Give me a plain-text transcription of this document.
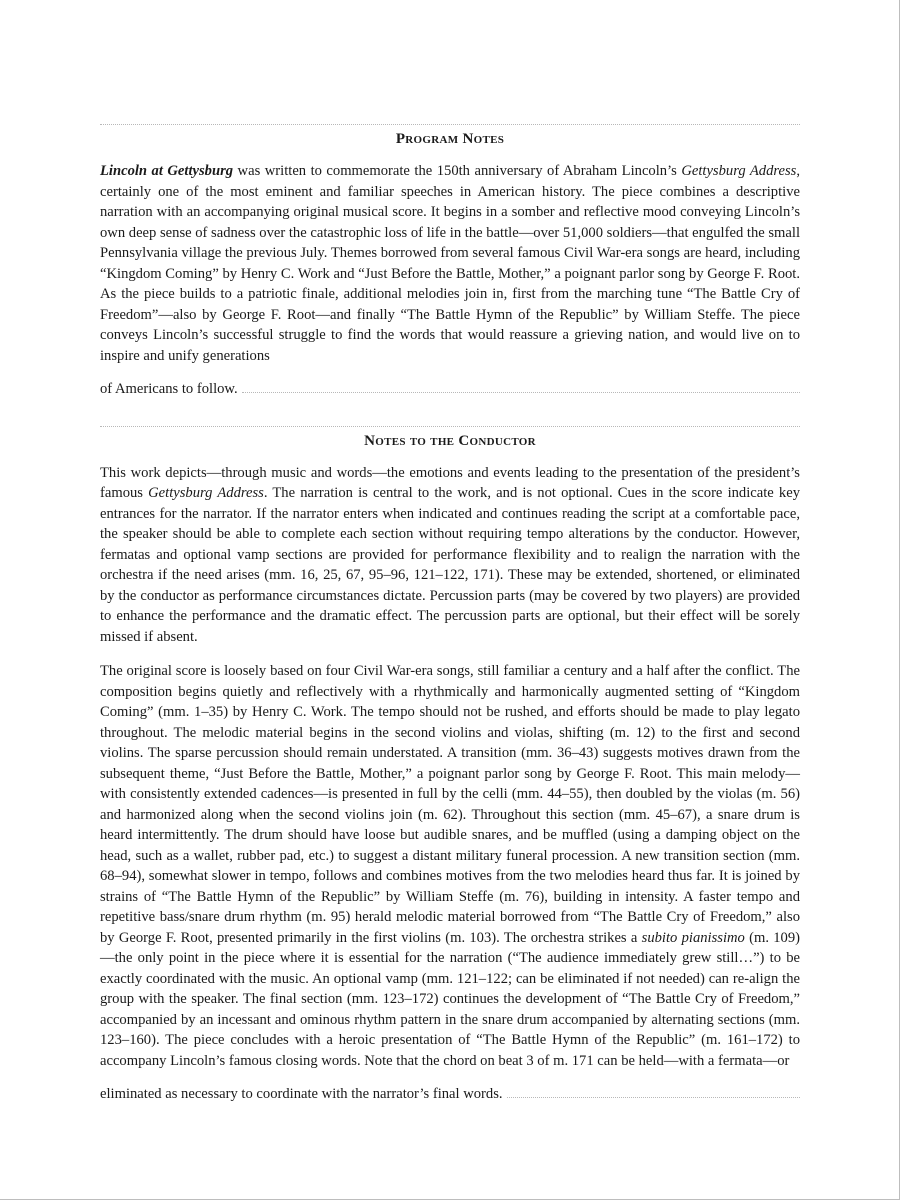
Program Notes

Lincoln at Gettysburg was written to commemorate the 150th anniversary of Abraham Lincoln’s Gettysburg Address, certainly one of the most eminent and familiar speeches in American history. The piece combines a descriptive narration with an accompanying original musical score. It begins in a somber and reflective mood conveying Lincoln’s own deep sense of sadness over the catastrophic loss of life in the battle—over 51,000 soldiers—that engulfed the small Pennsylvania village the previous July. Themes borrowed from several famous Civil War-era songs are heard, including “Kingdom Coming” by Henry C. Work and “Just Before the Battle, Mother,” a poignant parlor song by George F. Root. As the piece builds to a patriotic finale, additional melodies join in, first from the marching tune “The Battle Cry of Freedom”—also by George F. Root—and finally “The Battle Hymn of the Republic” by William Steffe. The piece conveys Lincoln’s successful struggle to find the words that would reassure a grieving nation, and would live on to inspire and unify generations

of Americans to follow.
Notes to the Conductor

This work depicts—through music and words—the emotions and events leading to the presentation of the president’s famous Gettysburg Address. The narration is central to the work, and is not optional. Cues in the score indicate key entrances for the narrator. If the narrator enters when indicated and continues reading the script at a comfortable pace, the speaker should be able to complete each section without requiring tempo alterations by the conductor. However, fermatas and optional vamp sections are provided for performance flexibility and to realign the narration with the orchestra if the need arises (mm. 16, 25, 67, 95–96, 121–122, 171). These may be extended, shortened, or eliminated by the conductor as performance circumstances dictate. Percussion parts (may be covered by two players) are provided to enhance the performance and the dramatic effect. The percussion parts are optional, but their effect will be sorely missed if absent.

The original score is loosely based on four Civil War-era songs, still familiar a century and a half after the conflict. The composition begins quietly and reflectively with a rhythmically and harmonically augmented setting of “Kingdom Coming” (mm. 1–35) by Henry C. Work. The tempo should not be rushed, and efforts should be made to play legato throughout. The melodic material begins in the second violins and violas, shifting (m. 12) to the first and second violins. The sparse percussion should remain understated. A transition (mm. 36–43) suggests motives drawn from the subsequent theme, “Just Before the Battle, Mother,” a poignant parlor song by George F. Root. This main melody—with consistently extended cadences—is presented in full by the celli (mm. 44–55), then doubled by the violas (m. 56) and harmonized along when the second violins join (m. 62). Throughout this section (mm. 45–67), a snare drum is heard intermittently. The drum should have loose but audible snares, and be muffled (using a damping object on the head, such as a wallet, rubber pad, etc.) to suggest a distant military funeral procession. A new transition section (mm. 68–94), somewhat slower in tempo, follows and combines motives from the two melodies heard thus far. It is joined by strains of “The Battle Hymn of the Republic” by William Steffe (m. 76), building in intensity. A faster tempo and repetitive bass/snare drum rhythm (m. 95) herald melodic material borrowed from “The Battle Cry of Freedom,” also by George F. Root, presented primarily in the first violins (m. 103). The orchestra strikes a subito pianissimo (m. 109)—the only point in the piece where it is essential for the narration (“The audience immediately grew still…”) to be exactly coordinated with the music. An optional vamp (mm. 121–122; can be eliminated if not needed) can re-align the group with the speaker. The final section (mm. 123–172) continues the development of “The Battle Cry of Freedom,” accompanied by an incessant and ominous rhythm pattern in the snare drum accompanied by alternating sections (mm. 123–160). The piece concludes with a heroic presentation of “The Battle Hymn of the Republic” (m. 161–172) to accompany Lincoln’s famous closing words. Note that the chord on beat 3 of m. 171 can be held—with a fermata—or

eliminated as necessary to coordinate with the narrator’s final words.
